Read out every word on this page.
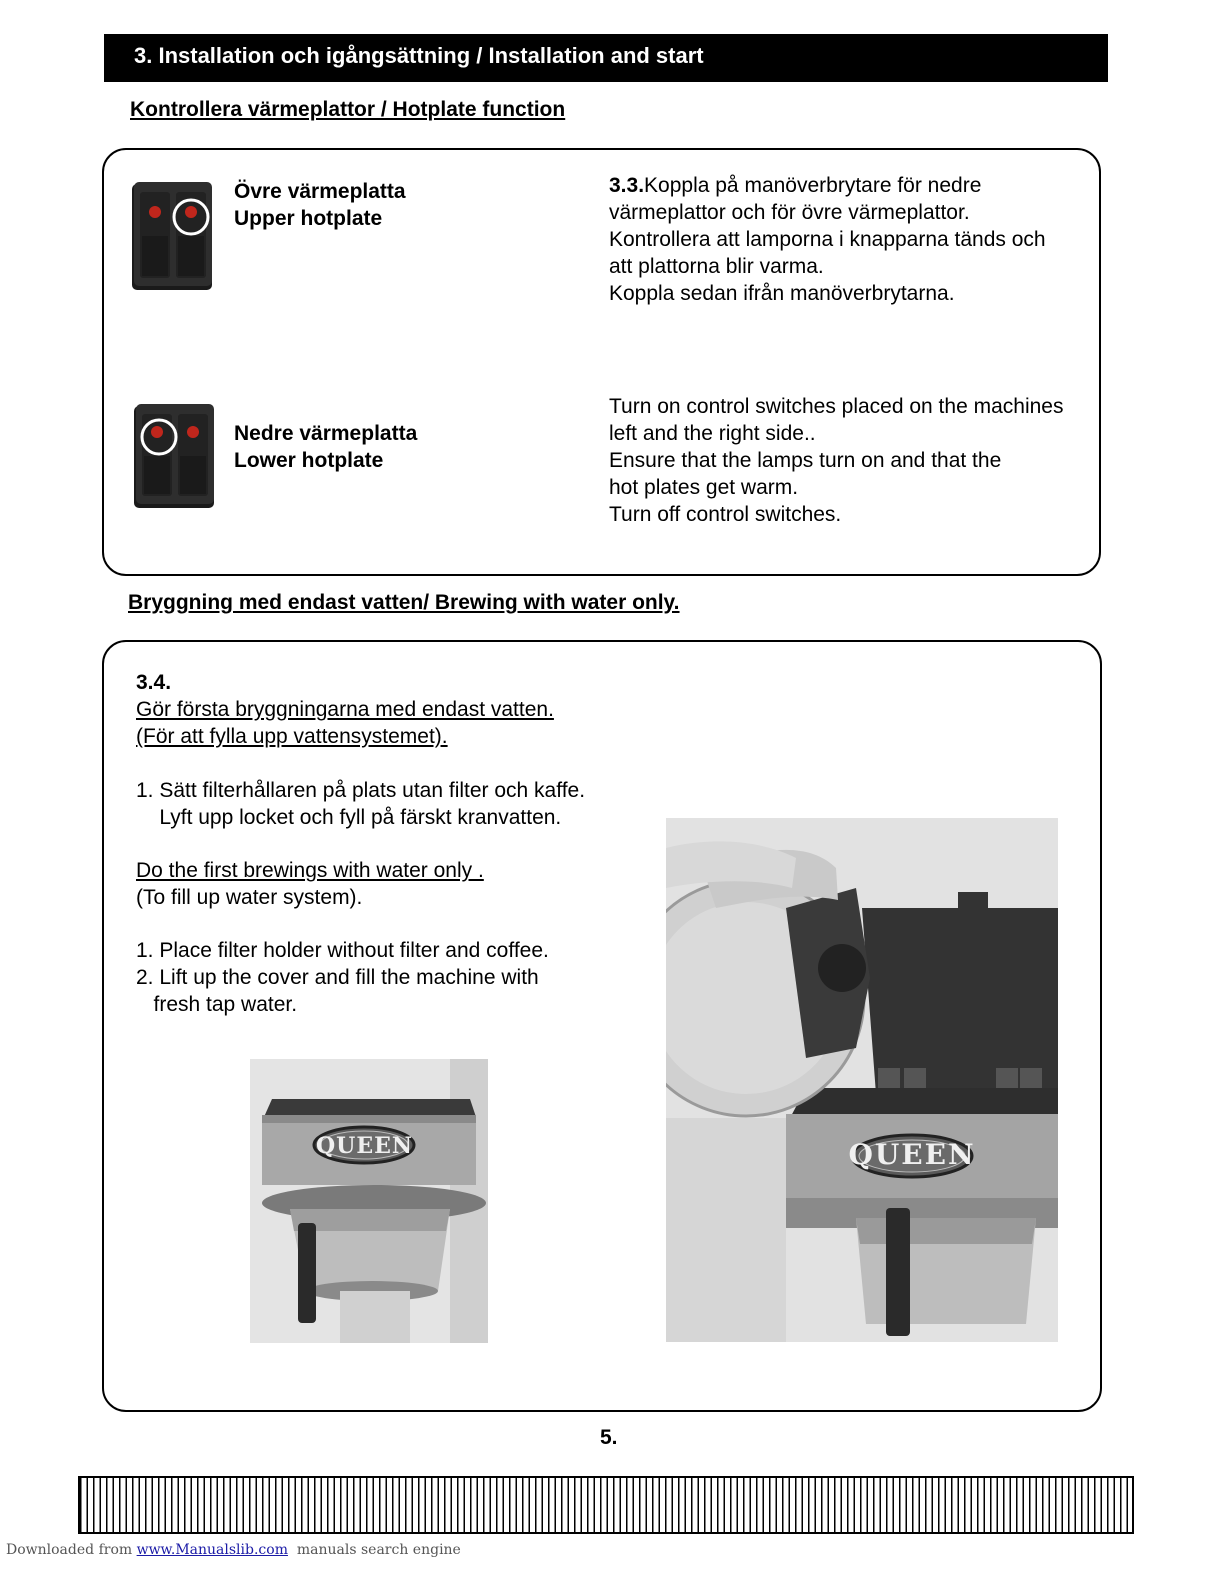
3. Installation och igångsättning / Installation and start
Kontrollera värmeplattor / Hotplate function
Övre värmeplatta
Upper hotplate
Nedre värmeplatta
Lower hotplate
3.3.Koppla på manöverbrytare för nedre
värmeplattor och för övre värmeplattor.
Kontrollera att lamporna i knapparna tänds och
att plattorna blir varma.
Koppla sedan ifrån manöverbrytarna.
Turn on control switches placed on the machines
left and the right side..
Ensure that the lamps turn on and that the
hot plates get warm.
Turn off control switches.
Bryggning med endast vatten/ Brewing with water only.
3.4.
Gör första bryggningarna med endast vatten.
(För att fylla upp vattensystemet).
1. Sätt filterhållaren på plats utan filter och kaffe.
Lyft upp locket och fyll på färskt kranvatten.
Do the first brewings with water only .
(To fill up water system).
1. Place filter holder without filter and coffee.
2. Lift up the cover and fill the machine with
fresh tap water.
QUEEN	QUEEN
5.
Downloaded from www.Manualslib.com  manuals search engine
